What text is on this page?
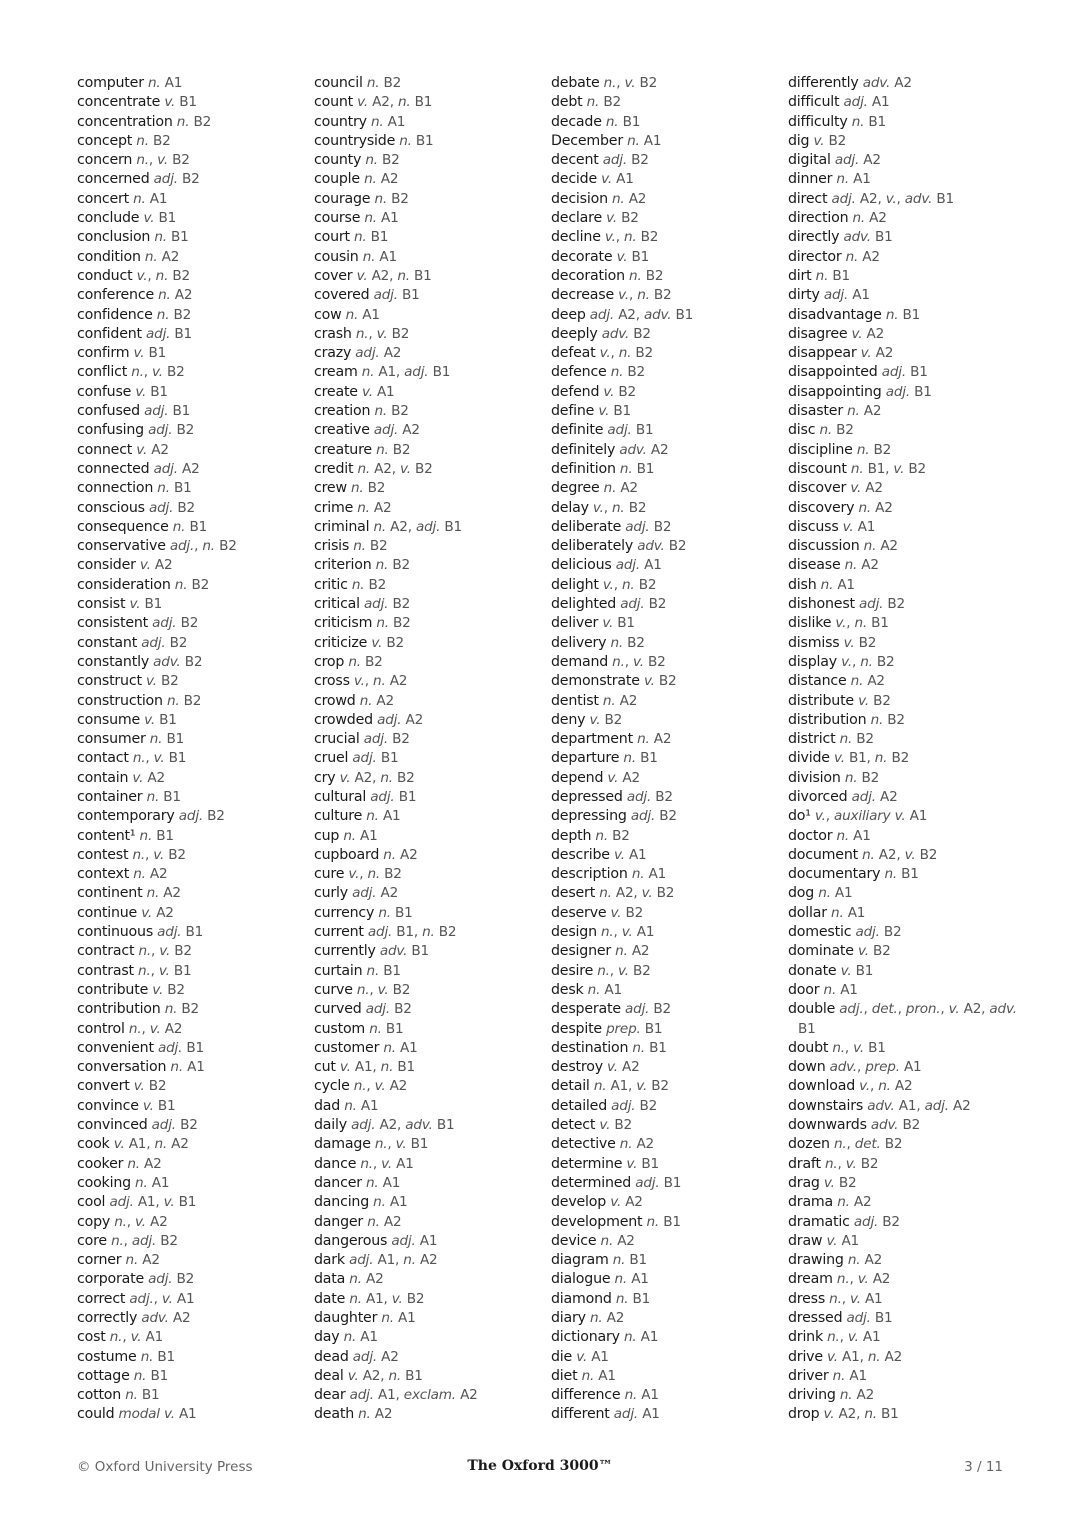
computer n. A1
concentrate v. B1
concentration n. B2
concept n. B2
concern n., v. B2
concerned adj. B2
concert n. A1
conclude v. B1
conclusion n. B1
condition n. A2
conduct v., n. B2
conference n. A2
confidence n. B2
confident adj. B1
confirm v. B1
conflict n., v. B2
confuse v. B1
confused adj. B1
confusing adj. B2
connect v. A2
connected adj. A2
connection n. B1
conscious adj. B2
consequence n. B1
conservative adj., n. B2
consider v. A2
consideration n. B2
consist v. B1
consistent adj. B2
constant adj. B2
constantly adv. B2
construct v. B2
construction n. B2
consume v. B1
consumer n. B1
contact n., v. B1
contain v. A2
container n. B1
contemporary adj. B2
content¹ n. B1
contest n., v. B2
context n. A2
continent n. A2
continue v. A2
continuous adj. B1
contract n., v. B2
contrast n., v. B1
contribute v. B2
contribution n. B2
control n., v. A2
convenient adj. B1
conversation n. A1
convert v. B2
convince v. B1
convinced adj. B2
cook v. A1, n. A2
cooker n. A2
cooking n. A1
cool adj. A1, v. B1
copy n., v. A2
core n., adj. B2
corner n. A2
corporate adj. B2
correct adj., v. A1
correctly adv. A2
cost n., v. A1
costume n. B1
cottage n. B1
cotton n. B1
could modal v. A1
council n. B2
count v. A2, n. B1
country n. A1
countryside n. B1
county n. B2
couple n. A2
courage n. B2
course n. A1
court n. B1
cousin n. A1
cover v. A2, n. B1
covered adj. B1
cow n. A1
crash n., v. B2
crazy adj. A2
cream n. A1, adj. B1
create v. A1
creation n. B2
creative adj. A2
creature n. B2
credit n. A2, v. B2
crew n. B2
crime n. A2
criminal n. A2, adj. B1
crisis n. B2
criterion n. B2
critic n. B2
critical adj. B2
criticism n. B2
criticize v. B2
crop n. B2
cross v., n. A2
crowd n. A2
crowded adj. A2
crucial adj. B2
cruel adj. B1
cry v. A2, n. B2
cultural adj. B1
culture n. A1
cup n. A1
cupboard n. A2
cure v., n. B2
curly adj. A2
currency n. B1
current adj. B1, n. B2
currently adv. B1
curtain n. B1
curve n., v. B2
curved adj. B2
custom n. B1
customer n. A1
cut v. A1, n. B1
cycle n., v. A2
dad n. A1
daily adj. A2, adv. B1
damage n., v. B1
dance n., v. A1
dancer n. A1
dancing n. A1
danger n. A2
dangerous adj. A1
dark adj. A1, n. A2
data n. A2
date n. A1, v. B2
daughter n. A1
day n. A1
dead adj. A2
deal v. A2, n. B1
dear adj. A1, exclam. A2
death n. A2
debate n., v. B2
debt n. B2
decade n. B1
December n. A1
decent adj. B2
decide v. A1
decision n. A2
declare v. B2
decline v., n. B2
decorate v. B1
decoration n. B2
decrease v., n. B2
deep adj. A2, adv. B1
deeply adv. B2
defeat v., n. B2
defence n. B2
defend v. B2
define v. B1
definite adj. B1
definitely adv. A2
definition n. B1
degree n. A2
delay v., n. B2
deliberate adj. B2
deliberately adv. B2
delicious adj. A1
delight v., n. B2
delighted adj. B2
deliver v. B1
delivery n. B2
demand n., v. B2
demonstrate v. B2
dentist n. A2
deny v. B2
department n. A2
departure n. B1
depend v. A2
depressed adj. B2
depressing adj. B2
depth n. B2
describe v. A1
description n. A1
desert n. A2, v. B2
deserve v. B2
design n., v. A1
designer n. A2
desire n., v. B2
desk n. A1
desperate adj. B2
despite prep. B1
destination n. B1
destroy v. A2
detail n. A1, v. B2
detailed adj. B2
detect v. B2
detective n. A2
determine v. B1
determined adj. B1
develop v. A2
development n. B1
device n. A2
diagram n. B1
dialogue n. A1
diamond n. B1
diary n. A2
dictionary n. A1
die v. A1
diet n. A1
difference n. A1
different adj. A1
differently adv. A2
difficult adj. A1
difficulty n. B1
dig v. B2
digital adj. A2
dinner n. A1
direct adj. A2, v., adv. B1
direction n. A2
directly adv. B1
director n. A2
dirt n. B1
dirty adj. A1
disadvantage n. B1
disagree v. A2
disappear v. A2
disappointed adj. B1
disappointing adj. B1
disaster n. A2
disc n. B2
discipline n. B2
discount n. B1, v. B2
discover v. A2
discovery n. A2
discuss v. A1
discussion n. A2
disease n. A2
dish n. A1
dishonest adj. B2
dislike v., n. B1
dismiss v. B2
display v., n. B2
distance n. A2
distribute v. B2
distribution n. B2
district n. B2
divide v. B1, n. B2
division n. B2
divorced adj. A2
do¹ v., auxiliary v. A1
doctor n. A1
document n. A2, v. B2
documentary n. B1
dog n. A1
dollar n. A1
domestic adj. B2
dominate v. B2
donate v. B1
door n. A1
double adj., det., pron., v. A2, adv. B1
doubt n., v. B1
down adv., prep. A1
download v., n. A2
downstairs adv. A1, adj. A2
downwards adv. B2
dozen n., det. B2
draft n., v. B2
drag v. B2
drama n. A2
dramatic adj. B2
draw v. A1
drawing n. A2
dream n., v. A2
dress n., v. A1
dressed adj. B1
drink n., v. A1
drive v. A1, n. A2
driver n. A1
driving n. A2
drop v. A2, n. B1
© Oxford University Press	The Oxford 3000™	3 / 11
